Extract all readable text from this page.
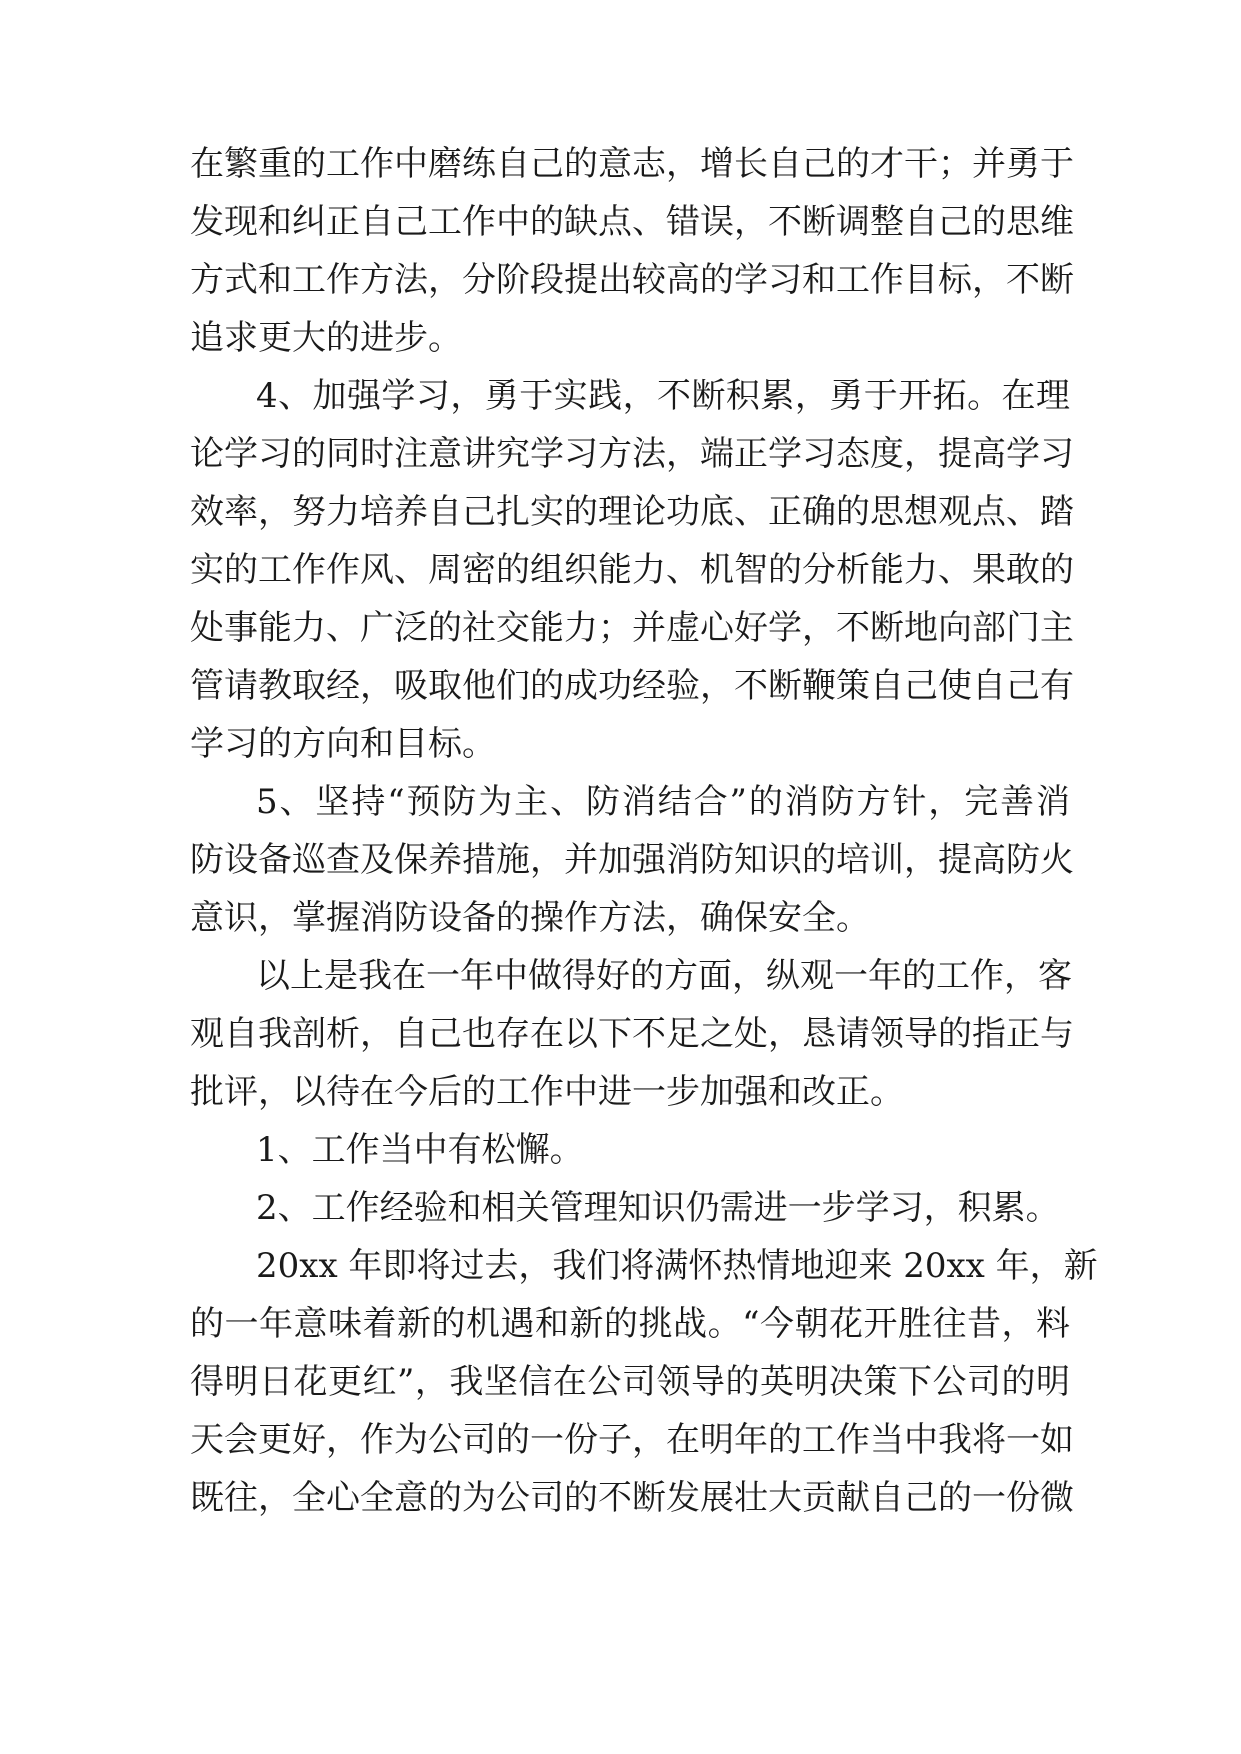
在繁重的工作中磨练自己的意志，增长自己的才干；并勇于
发现和纠正自己工作中的缺点、错误，不断调整自己的思维
方式和工作方法，分阶段提出较高的学习和工作目标，不断
追求更大的进步。
4、加强学习，勇于实践，不断积累，勇于开拓。在理
论学习的同时注意讲究学习方法，端正学习态度，提高学习
效率，努力培养自己扎实的理论功底、正确的思想观点、踏
实的工作作风、周密的组织能力、机智的分析能力、果敢的
处事能力、广泛的社交能力；并虚心好学，不断地向部门主
管请教取经，吸取他们的成功经验，不断鞭策自己使自己有
学习的方向和目标。
5、坚持“预防为主、防消结合”的消防方针，完善消
防设备巡查及保养措施，并加强消防知识的培训，提高防火
意识，掌握消防设备的操作方法，确保安全。
以上是我在一年中做得好的方面，纵观一年的工作，客
观自我剖析，自己也存在以下不足之处，恳请领导的指正与
批评，以待在今后的工作中进一步加强和改正。
1、工作当中有松懈。
2、工作经验和相关管理知识仍需进一步学习，积累。
20xx 年即将过去，我们将满怀热情地迎来 20xx 年，新
的一年意味着新的机遇和新的挑战。“今朝花开胜往昔，料
得明日花更红”，我坚信在公司领导的英明决策下公司的明
天会更好，作为公司的一份子，在明年的工作当中我将一如
既往，全心全意的为公司的不断发展壮大贡献自己的一份微
